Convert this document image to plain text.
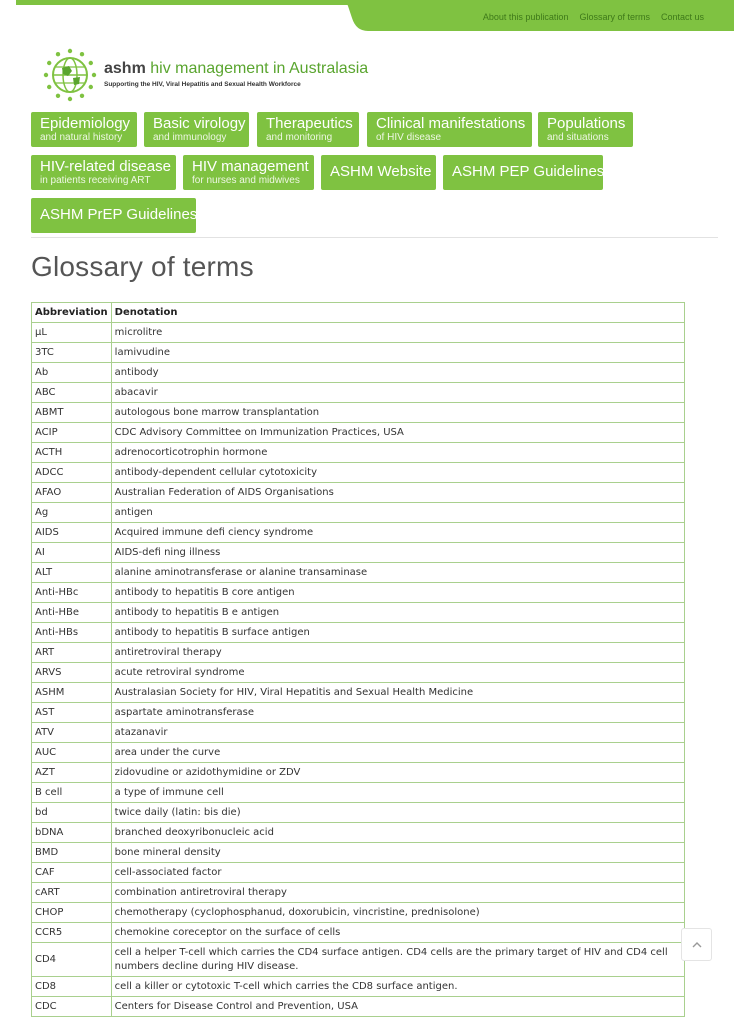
About this publication Glossary of terms Contact us
ashm hiv management in Australasia
Supporting the HIV, Viral Hepatitis and Sexual Health Workforce
Epidemiology
and natural history
Basic virology
and immunology
Therapeutics
and monitoring
Clinical manifestations
of HIV disease
Populations
and situations
HIV-related disease
in patients receiving ART
HIV management
for nurses and midwives
ASHM Website ASHM PEP Guidelines
ASHM PrEP Guidelines
Glossary of terms
Abbreviation	Denotation
μL	microlitre
3TC	lamivudine
Ab	antibody
ABC	abacavir
ABMT	autologous bone marrow transplantation
ACIP	CDC Advisory Committee on Immunization Practices, USA
ACTH	adrenocorticotrophin hormone
ADCC	antibody-dependent cellular cytotoxicity
AFAO	Australian Federation of AIDS Organisations
Ag	antigen
AIDS	Acquired immune defi ciency syndrome
AI	AIDS-defi ning illness
ALT	alanine aminotransferase or alanine transaminase
Anti-HBc	antibody to hepatitis B core antigen
Anti-HBe	antibody to hepatitis B e antigen
Anti-HBs	antibody to hepatitis B surface antigen
ART	antiretroviral therapy
ARVS	acute retroviral syndrome
ASHM	Australasian Society for HIV, Viral Hepatitis and Sexual Health Medicine
AST	aspartate aminotransferase
ATV	atazanavir
AUC	area under the curve
AZT	zidovudine or azidothymidine or ZDV
B cell	a type of immune cell
bd	twice daily (latin: bis die)
bDNA	branched deoxyribonucleic acid
BMD	bone mineral density
CAF	cell-associated factor
cART	combination antiretroviral therapy
CHOP	chemotherapy (cyclophosphanud, doxorubicin, vincristine, prednisolone)
CCR5	chemokine coreceptor on the surface of cells
CD4	cell a helper T-cell which carries the CD4 surface antigen. CD4 cells are the primary target of HIV and CD4 cell numbers decline during HIV disease.
CD8	cell a killer or cytotoxic T-cell which carries the CD8 surface antigen.
CDC	Centers for Disease Control and Prevention, USA
